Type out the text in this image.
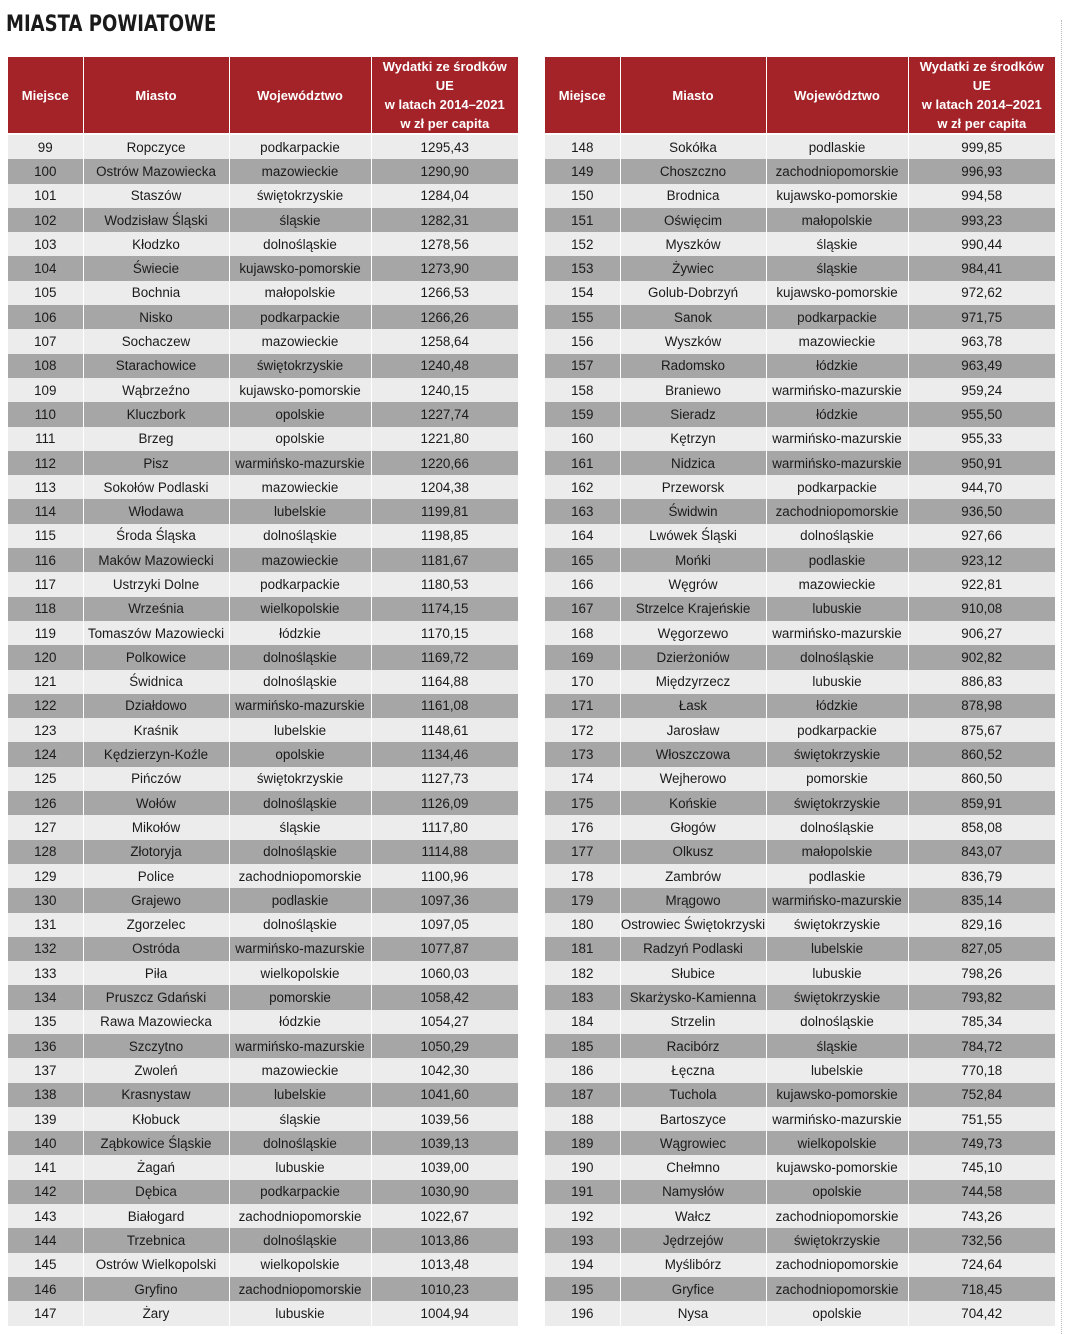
MIASTA POWIATOWE
Miejsce	Miasto	Województwo	Wydatki ze środków UE
w latach 2014–2021
w zł per capita

99	Ropczyce	podkarpackie	1295,43
100	Ostrów Mazowiecka	mazowieckie	1290,90
101	Staszów	świętokrzyskie	1284,04
102	Wodzisław Śląski	śląskie	1282,31
103	Kłodzko	dolnośląskie	1278,56
104	Świecie	kujawsko-pomorskie	1273,90
105	Bochnia	małopolskie	1266,53
106	Nisko	podkarpackie	1266,26
107	Sochaczew	mazowieckie	1258,64
108	Starachowice	świętokrzyskie	1240,48
109	Wąbrzeźno	kujawsko-pomorskie	1240,15
110	Kluczbork	opolskie	1227,74
111	Brzeg	opolskie	1221,80
112	Pisz	warmińsko-mazurskie	1220,66
113	Sokołów Podlaski	mazowieckie	1204,38
114	Włodawa	lubelskie	1199,81
115	Środa Śląska	dolnośląskie	1198,85
116	Maków Mazowiecki	mazowieckie	1181,67
117	Ustrzyki Dolne	podkarpackie	1180,53
118	Września	wielkopolskie	1174,15
119	Tomaszów Mazowiecki	łódzkie	1170,15
120	Polkowice	dolnośląskie	1169,72
121	Świdnica	dolnośląskie	1164,88
122	Działdowo	warmińsko-mazurskie	1161,08
123	Kraśnik	lubelskie	1148,61
124	Kędzierzyn-Koźle	opolskie	1134,46
125	Pińczów	świętokrzyskie	1127,73
126	Wołów	dolnośląskie	1126,09
127	Mikołów	śląskie	1117,80
128	Złotoryja	dolnośląskie	1114,88
129	Police	zachodniopomorskie	1100,96
130	Grajewo	podlaskie	1097,36
131	Zgorzelec	dolnośląskie	1097,05
132	Ostróda	warmińsko-mazurskie	1077,87
133	Piła	wielkopolskie	1060,03
134	Pruszcz Gdański	pomorskie	1058,42
135	Rawa Mazowiecka	łódzkie	1054,27
136	Szczytno	warmińsko-mazurskie	1050,29
137	Zwoleń	mazowieckie	1042,30
138	Krasnystaw	lubelskie	1041,60
139	Kłobuck	śląskie	1039,56
140	Ząbkowice Śląskie	dolnośląskie	1039,13
141	Żagań	lubuskie	1039,00
142	Dębica	podkarpackie	1030,90
143	Białogard	zachodniopomorskie	1022,67
144	Trzebnica	dolnośląskie	1013,86
145	Ostrów Wielkopolski	wielkopolskie	1013,48
146	Gryfino	zachodniopomorskie	1010,23
147	Żary	lubuskie	1004,94
Miejsce	Miasto	Województwo	Wydatki ze środków UE
w latach 2014–2021
w zł per capita

148	Sokółka	podlaskie	999,85
149	Choszczno	zachodniopomorskie	996,93
150	Brodnica	kujawsko-pomorskie	994,58
151	Oświęcim	małopolskie	993,23
152	Myszków	śląskie	990,44
153	Żywiec	śląskie	984,41
154	Golub-Dobrzyń	kujawsko-pomorskie	972,62
155	Sanok	podkarpackie	971,75
156	Wyszków	mazowieckie	963,78
157	Radomsko	łódzkie	963,49
158	Braniewo	warmińsko-mazurskie	959,24
159	Sieradz	łódzkie	955,50
160	Kętrzyn	warmińsko-mazurskie	955,33
161	Nidzica	warmińsko-mazurskie	950,91
162	Przeworsk	podkarpackie	944,70
163	Świdwin	zachodniopomorskie	936,50
164	Lwówek Śląski	dolnośląskie	927,66
165	Mońki	podlaskie	923,12
166	Węgrów	mazowieckie	922,81
167	Strzelce Krajeńskie	lubuskie	910,08
168	Węgorzewo	warmińsko-mazurskie	906,27
169	Dzierżoniów	dolnośląskie	902,82
170	Międzyrzecz	lubuskie	886,83
171	Łask	łódzkie	878,98
172	Jarosław	podkarpackie	875,67
173	Włoszczowa	świętokrzyskie	860,52
174	Wejherowo	pomorskie	860,50
175	Końskie	świętokrzyskie	859,91
176	Głogów	dolnośląskie	858,08
177	Olkusz	małopolskie	843,07
178	Zambrów	podlaskie	836,79
179	Mrągowo	warmińsko-mazurskie	835,14
180	Ostrowiec Świętokrzyski	świętokrzyskie	829,16
181	Radzyń Podlaski	lubelskie	827,05
182	Słubice	lubuskie	798,26
183	Skarżysko-Kamienna	świętokrzyskie	793,82
184	Strzelin	dolnośląskie	785,34
185	Racibórz	śląskie	784,72
186	Łęczna	lubelskie	770,18
187	Tuchola	kujawsko-pomorskie	752,84
188	Bartoszyce	warmińsko-mazurskie	751,55
189	Wągrowiec	wielkopolskie	749,73
190	Chełmno	kujawsko-pomorskie	745,10
191	Namysłów	opolskie	744,58
192	Wałcz	zachodniopomorskie	743,26
193	Jędrzejów	świętokrzyskie	732,56
194	Myślibórz	zachodniopomorskie	724,64
195	Gryfice	zachodniopomorskie	718,45
196	Nysa	opolskie	704,42
